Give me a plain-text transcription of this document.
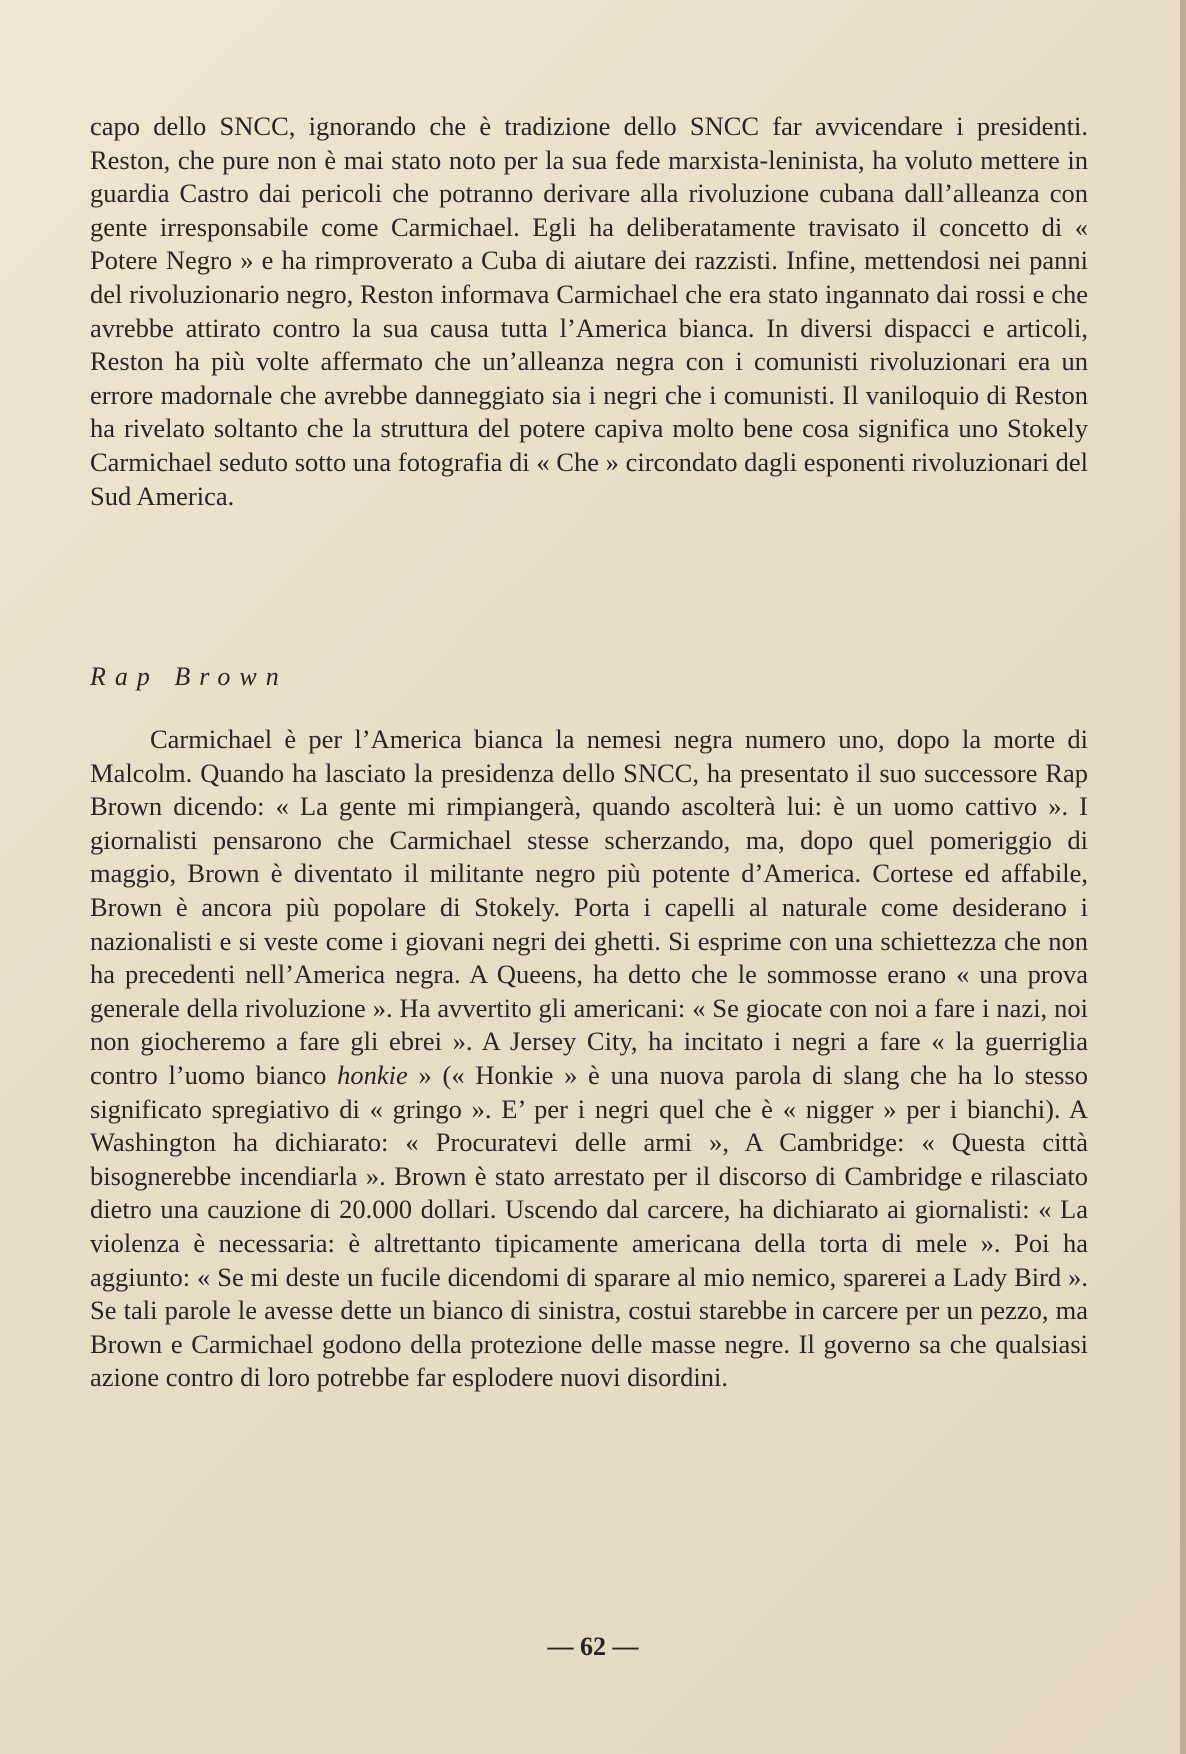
capo dello SNCC, ignorando che è tradizione dello SNCC far avvicendare i presidenti. Reston, che pure non è mai stato noto per la sua fede marxista-leninista, ha voluto mettere in guardia Castro dai pericoli che potranno derivare alla rivoluzione cubana dall’alleanza con gente irresponsabile come Carmichael. Egli ha deliberatamente travisato il concetto di « Potere Negro » e ha rimproverato a Cuba di aiutare dei razzisti. Infine, mettendosi nei panni del rivoluzionario negro, Reston informava Carmichael che era stato ingannato dai rossi e che avrebbe attirato contro la sua causa tutta l’America bianca. In diversi dispacci e articoli, Reston ha più volte affermato che un’alleanza negra con i comunisti rivoluzionari era un errore madornale che avrebbe danneggiato sia i negri che i comunisti. Il vaniloquio di Reston ha rivelato soltanto che la struttura del potere capiva molto bene cosa significa uno Stokely Carmichael seduto sotto una fotografia di « Che » circondato dagli esponenti rivoluzionari del Sud America.

Rap Brown

Carmichael è per l’America bianca la nemesi negra numero uno, dopo la morte di Malcolm. Quando ha lasciato la presidenza dello SNCC, ha presentato il suo successore Rap Brown dicendo: « La gente mi rimpiangerà, quando ascolterà lui: è un uomo cattivo ». I giornalisti pensarono che Carmichael stesse scherzando, ma, dopo quel pomeriggio di maggio, Brown è diventato il militante negro più potente d’America. Cortese ed affabile, Brown è ancora più popolare di Stokely. Porta i capelli al naturale come desiderano i nazionalisti e si veste come i giovani negri dei ghetti. Si esprime con una schiettezza che non ha precedenti nell’America negra. A Queens, ha detto che le sommosse erano « una prova generale della rivoluzione ». Ha avvertito gli americani: « Se giocate con noi a fare i nazi, noi non giocheremo a fare gli ebrei ». A Jersey City, ha incitato i negri a fare « la guerriglia contro l’uomo bianco honkie » (« Honkie » è una nuova parola di slang che ha lo stesso significato spregiativo di « gringo ». E’ per i negri quel che è « nigger » per i bianchi). A Washington ha dichiarato: « Procuratevi delle armi », A Cambridge: « Questa città bisognerebbe incendiarla ». Brown è stato arrestato per il discorso di Cambridge e rilasciato dietro una cauzione di 20.000 dollari. Uscendo dal carcere, ha dichiarato ai giornalisti: « La violenza è necessaria: è altrettanto tipicamente americana della torta di mele ». Poi ha aggiunto: « Se mi deste un fucile dicendomi di sparare al mio nemico, sparerei a Lady Bird ». Se tali parole le avesse dette un bianco di sinistra, costui starebbe in carcere per un pezzo, ma Brown e Carmichael godono della protezione delle masse negre. Il governo sa che qualsiasi azione contro di loro potrebbe far esplodere nuovi disordini.

— 62 —
